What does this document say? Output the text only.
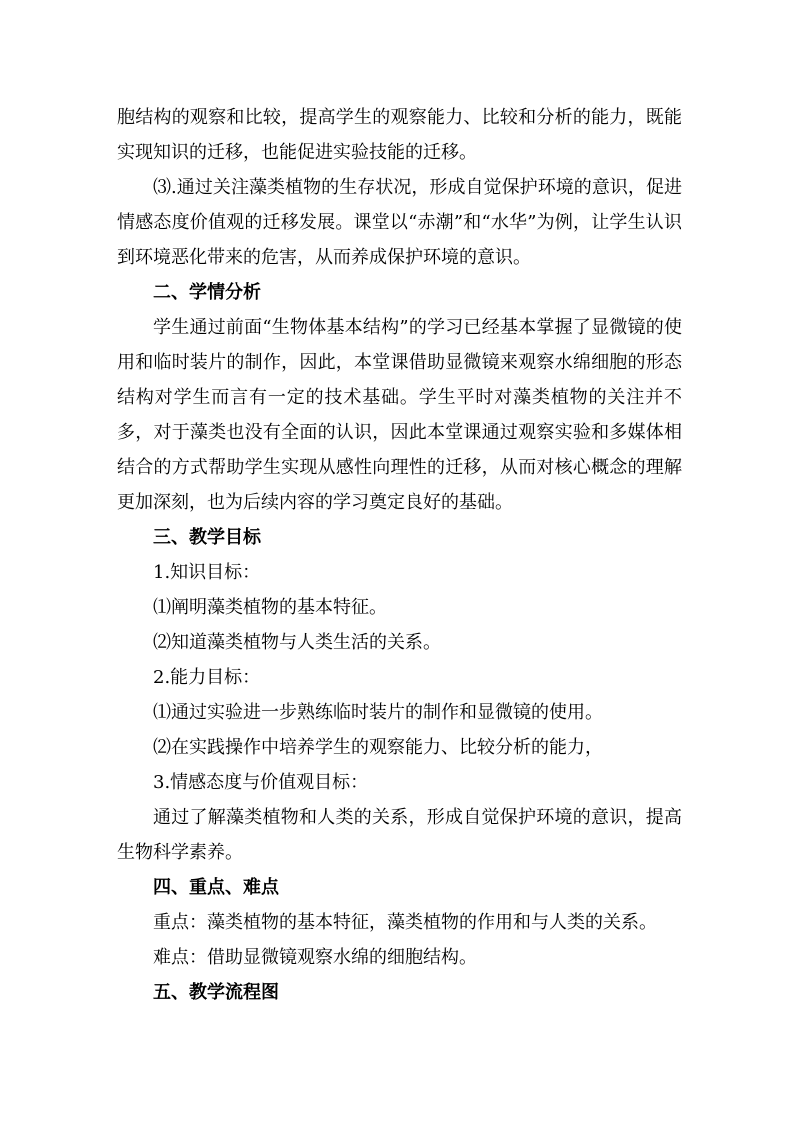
胞结构的观察和比较，提高学生的观察能力、比较和分析的能力，既能实现知识的迁移，也能促进实验技能的迁移。

⑶.通过关注藻类植物的生存状况，形成自觉保护环境的意识，促进情感态度价值观的迁移发展。课堂以“赤潮”和“水华”为例，让学生认识到环境恶化带来的危害，从而养成保护环境的意识。

二、学情分析

学生通过前面“生物体基本结构”的学习已经基本掌握了显微镜的使用和临时装片的制作，因此，本堂课借助显微镜来观察水绵细胞的形态结构对学生而言有一定的技术基础。学生平时对藻类植物的关注并不多，对于藻类也没有全面的认识，因此本堂课通过观察实验和多媒体相结合的方式帮助学生实现从感性向理性的迁移，从而对核心概念的理解更加深刻，也为后续内容的学习奠定良好的基础。

三、教学目标

1.知识目标：

⑴阐明藻类植物的基本特征。

⑵知道藻类植物与人类生活的关系。

2.能力目标：

⑴通过实验进一步熟练临时装片的制作和显微镜的使用。

⑵在实践操作中培养学生的观察能力、比较分析的能力，

3.情感态度与价值观目标：

通过了解藻类植物和人类的关系，形成自觉保护环境的意识，提高生物科学素养。

四、重点、难点

重点：藻类植物的基本特征，藻类植物的作用和与人类的关系。

难点：借助显微镜观察水绵的细胞结构。

五、教学流程图
